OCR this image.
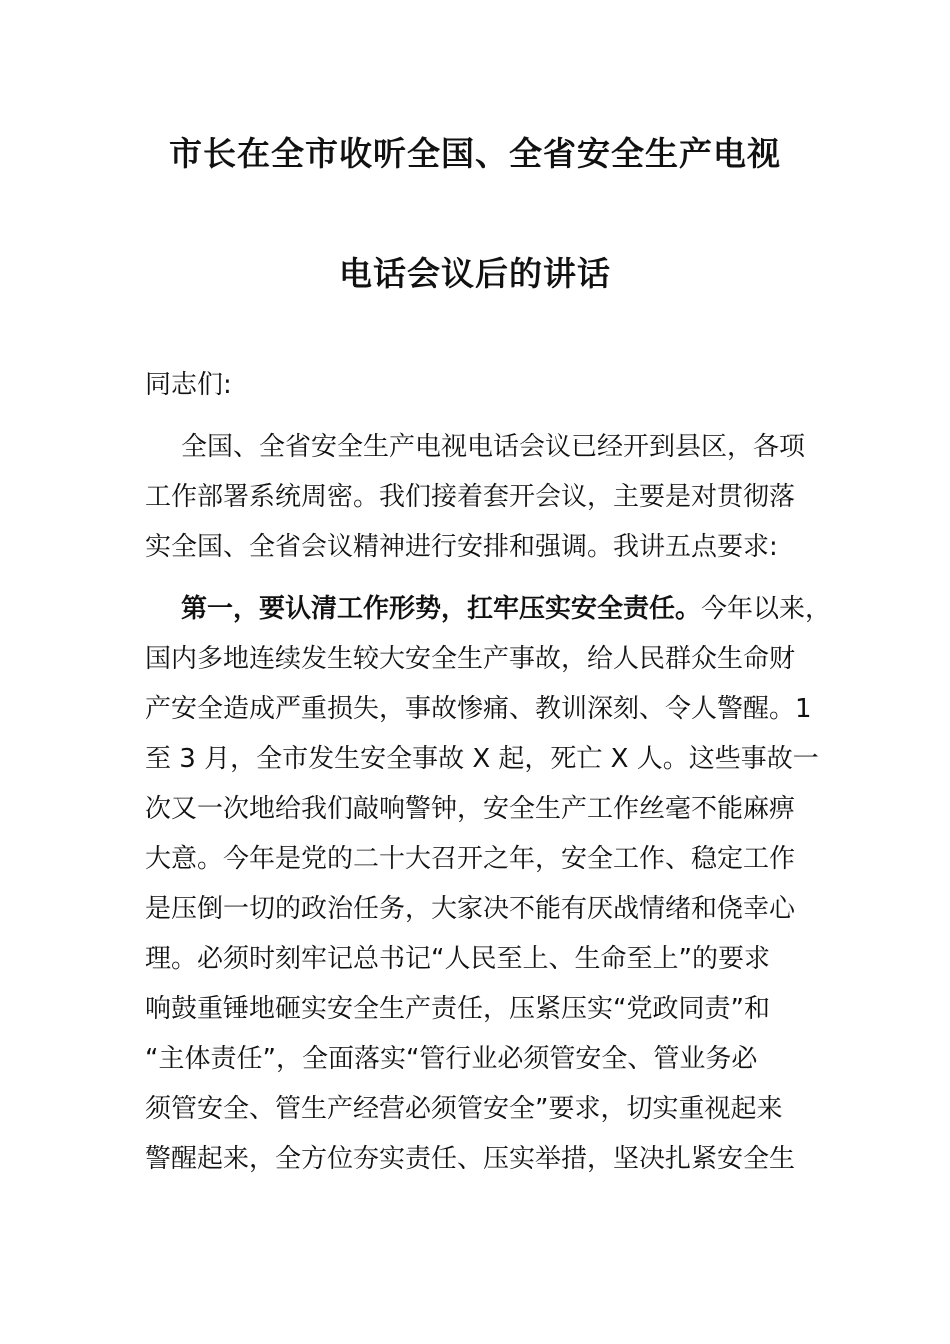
市长在全市收听全国、全省安全生产电视
电话会议后的讲话
同志们:
全国、全省安全生产电视电话会议已经开到县区，各项
工作部署系统周密。我们接着套开会议，主要是对贯彻落
实全国、全省会议精神进行安排和强调。我讲五点要求:
第一，要认清工作形势，扛牢压实安全责任。今年以来，
国内多地连续发生较大安全生产事故，给人民群众生命财
产安全造成严重损失，事故惨痛、教训深刻、令人警醒。1
至 3 月，全市发生安全事故 X 起，死亡 X 人。这些事故一
次又一次地给我们敲响警钟，安全生产工作丝毫不能麻痹
大意。今年是党的二十大召开之年，安全工作、稳定工作
是压倒一切的政治任务，大家决不能有厌战情绪和侥幸心
理。必须时刻牢记总书记“人民至上、生命至上”的要求
响鼓重锤地砸实安全生产责任，压紧压实“党政同责”和
“主体责任”，全面落实“管行业必须管安全、管业务必
须管安全、管生产经营必须管安全”要求，切实重视起来
警醒起来，全方位夯实责任、压实举措，坚决扎紧安全生
